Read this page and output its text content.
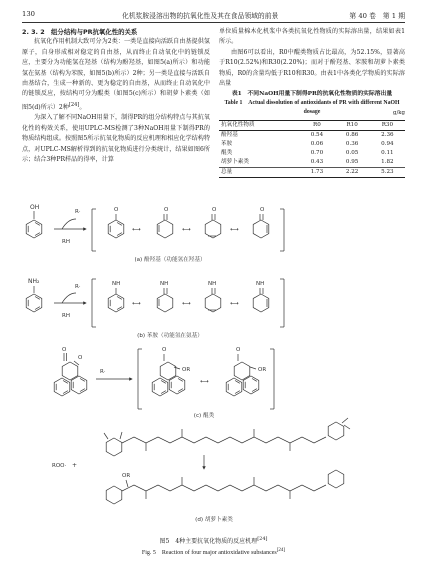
130	化机浆胺浸溶出物的抗氧化性及其在食品领域的前景	第 40 卷　第 1 期

2. 3. 2　组分结构与PR抗氧化性的关系

抗氧化作用机制大致可分为2类：一类是直接向活跃自由基提供氢原子，自身形成相对稳定的自由基，从而终止自动氧化中的链锁反应，主要分为功能氢在羟基（结构为酚羟基，如图5(a)所示）和功能氢在氨基（结构为苯胺，如图5(b)所示）2种；另一类是直接与活跃自由基结合，生成一种新的、更为稳定的自由基，从而终止自动氧化中的链锁反应，按结构可分为醌类（如图5(c)所示）和胡萝卜素类（如图5(d)所示）2种[24]。

为深入了解不同NaOH用量下，制得PR的组分结构特点与其抗氧化性的构效关系，使用UPLC-MS检测了3种NaOH用量下制得PR的物质结构组成。按照图5所示抗氧化物质的反应机理和相应化学结构特点，对UPLC-MS解析得到的抗氧化物质进行分类统计，结果如图6所示；结合3种PR样品的得率，计算

单位质量棉木化机浆中各类抗氧化性物质的实际溶出量，结果如表1所示。

由图6可以看出，R0中醌类物质占比最高，为52.15%，显著高于R10(2.52%)和R30(2.20%)；而对于酚羟基、苯胺和胡萝卜素类物质，R0的含量均低于R10和R30。由表1中各类化学物质的实际溶出量

表1　 不同NaOH用量下制得PR的抗氧化性物质的实际溶出量
Table 1　 Actual dissolution of antioxidants of PR with different NaOH dosage	g/kg
抗氧化性物质	R0	R10	R30
酚羟基	0.54	0.86	2.36
苯胺	0.06	0.36	0.94
醌类	0.70	0.05	0.11
胡萝卜素类	0.43	0.95	1.82
总量	1.73	2.22	5.23
OH
R·
RH
O
⟷
O
⟷
O
⟷
O
(a) 酚羟基（功能氢在羟基）
NH₂
R·
RH
NH
⟷
NH
⟷
NH
⟷
NH
(b) 苯胺（功能氢在氨基）
O
O
R·
O
OR
⟷
O
OR
(c) 醌类
ROO· +
OR
(d) 胡萝卜素类
图5　4种主要抗氧化物质的反应机理[24]
Fig. 5　Reaction of four major antioxidative substances[24]
